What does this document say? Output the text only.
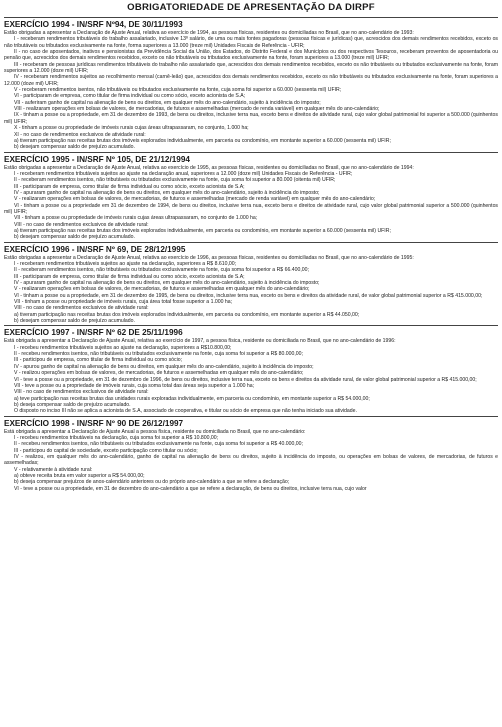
OBRIGATORIEDADE DE APRESENTAÇÃO DA DIRPF
EXERCÍCIO 1994 - IN/SRF Nº94, DE 30/11/1993

Estão obrigadas a apresentar a Declaração de Ajuste Anual, relativa ao exercício de 1994, as pessoas físicas, residentes ou domiciliadas no Brasil, que no ano-calendário de 1993:

I - receberam rendimentos tributáveis do trabalho assalariado, inclusive 13º salário, de uma ou mais fontes pagadoras (pessoas físicas e jurídicas) que, acrescidos dos demais rendimentos recebidos, exceto os não tributáveis ou tributados exclusivamente na fonte, forma superiores a 13.000 (treze mil) Unidades Fiscais de Referência - UFIR;

II - no caso de aposentados, inativos e pensionistas da Previdência Social da União, dos Estados, do Distrito Federal e dos Municípios ou dos respectivos Tesouros, receberam proventos de aposentadoria ou pensão que, acrescidos dos demais rendimentos recebidos, exceto os não tributáveis ou tributados exclusivamente na fonte, foram superiores a 13.000 (treze mil) UFIR;

III - receberam de pessoas jurídicas rendimentos tributáveis do trabalho não assalariado que, acrescidos dos demais rendimentos recebidos, exceto os não tributáveis ou tributados exclusivamente na fonte, foram superiores a 12.000 (doze mil) UFIR;

IV - receberam rendimentos sujeitos ao recolhimento mensal (carnê-leão) que, acrescidos dos demais rendimentos recebidos, exceto os não tributáveis ou tributados exclusivamente na fonte, foram superiores a 12.000 (doze mil) UFIR;

V - receberam rendimentos isentos, não tributáveis ou tributados exclusivamente na fonte, cuja soma foi superior a 60.000 (sessenta mil) UFIR;

VI - participaram de empresa, como titular de firma individual ou como sócio, exceto acionista de S.A;

VII - auferiram ganho de capital na alienação de bens ou direitos, em qualquer mês do ano-calendário, sujeito à incidência do imposto;

VIII - realizaram operações em bolsas de valores, de mercadorias, de futuros e assemelhadas (mercado de renda variável) em qualquer mês do ano-calendário;

IX - tinham a posse ou a propriedade, em 31 de dezembro de 1993, de bens ou direitos, inclusive terra nua, exceto bens e direitos de atividade rural, cujo valor global patrimonial foi superior a 500.000 (quinhentos mil) UFIR;

X - tinham a posse ou propriedade de imóveis rurais cujas áreas ultrapassaram, no conjunto, 1.000 ha;

XI - no caso de rendimentos exclusivos de atividade rural:

a) tiveram participação nas receitas brutas dos imóveis explorados individualmente, em parceria ou condomínio, em montante superior a 60.000 (sessenta mil) UFIR;

b) desejam compensar saldo de prejuízo acumulado.

EXERCÍCIO 1995 - IN/SRF Nº 105, DE 21/12/1994

Estão obrigadas a apresentar a Declaração de Ajuste Anual, relativa ao exercício de 1995, as pessoas físicas, residentes ou domiciliadas no Brasil, que no ano-calendário de 1994:

I - receberam rendimentos tributáveis sujeitos ao ajuste na declaração anual, superiores a 12.000 (doze mil) Unidades Fiscais de Referência - UFIR;

II - receberam rendimentos isentos, não tributáveis ou tributados exclusivamente na fonte, cuja soma foi superior a 80.000 (oitenta mil) UFIR;

III - participaram de empresa, como titular de firma individual ou como sócio, exceto acionista de S.A;

IV - apuraram ganho de capital na alienação de bens ou direitos, em qualquer mês do ano-calendário, sujeito à incidência do imposto;

V - realizaram operações em bolsas de valores, de mercadorias, de futuros e assemelhadas (mercado de renda variável) em qualquer mês do ano-calendário;

VI - tinham a posse ou a propriedade em 31 de dezembro de 1994, de bens ou direitos, inclusive terra nua, exceto bens e direitos de atividade rural, cujo valor global patrimonial superior a 500.000 (quinhentos mil) UFIR;

VII - tinham a posse ou propriedade de imóveis rurais cujas áreas ultrapassaram, no conjunto de 1.000 ha;

VIII - no caso de rendimentos exclusivos de atividade rural:

a) tiveram participação nas receitas brutas dos imóveis explorados individualmente, em parceria ou condomínio, em montante superior a 60.000 (sessenta mil) UFIR;

b) desejam compensar saldo de prejuízo acumulado.

EXERCÍCIO 1996 - IN/SRF Nº 69, DE 28/12/1995

Estão obrigadas a apresentar a Declaração de Ajuste Anual, relativa ao exercício de 1996, as pessoas físicas, residentes ou domiciliadas no Brasil, que no ano-calendário de 1995:

I - receberam rendimentos tributáveis sujeitos ao ajuste na declaração, superiores a R$ 8.610,00;

II - receberam rendimentos isentos, não tributáveis ou tributados exclusivamente na fonte, cuja soma foi superior a R$ 66.400,00;

III - participaram de empresa, como titular de firma individual ou como sócio, exceto acionista de S.A;

IV - apuraram ganho de capital na alienação de bens ou direitos, em qualquer mês do ano-calendário, sujeito à incidência do imposto;

V - realizaram operações em bolsas de valores, de mercadorias, de futuros e assemelhadas em qualquer mês do ano-calendário;

VI - tinham a posse ou a propriedade, em 31 de dezembro de 1995, de bens ou direitos, inclusive terra nua, exceto os bens e direitos da atividade rural, de valor global patrimonial superior a R$ 415.000,00;

VII - tinham a posse ou propriedade de imóveis rurais, cuja área total fosse superior a 1.000 ha;

VIII - no caso de rendimentos exclusivos de atividade rural:

a) tiveram participação nas receitas brutas dos imóveis explorados individualmente, em parceria ou condomínio, em montante superior a R$ 44.050,00;

b) desejam compensar saldo de prejuízo acumulado.

EXERCÍCIO 1997 - IN/SRF Nº 62 DE 25/11/1996

Está obrigada a apresentar a Declaração de Ajuste Anual, relativa ao exercício de 1997, a pessoa física, residente ou domiciliada no Brasil, que no ano-calendário de 1996:

I - recebeu rendimentos tributáveis sujeitos ao ajuste na declaração, superiores a R$10.800,00;

II - recebeu rendimentos isentos, não tributáveis ou tributados exclusivamente na fonte, cuja soma foi superior a R$ 80.000,00;

III - participou de empresa, como titular de firma individual ou como sócio;

IV - apurou ganho de capital na alienação de bens ou direitos, em qualquer mês do ano-calendário, sujeito à incidência do imposto;

V - realizou operações em bolsas de valores, de mercadorias, de futuros e assemelhadas em qualquer mês do ano-calendário;

VI - teve a posse ou a propriedade, em 31 de dezembro de 1996, de bens ou direitos, inclusive terra nua, exceto os bens e direitos da atividade rural, de valor global patrimonial superior a R$ 415.000,00;

VII - teve a posse ou a propriedade de imóveis rurais, cuja soma total das áreas seja superior a 1.000 ha;

VIII - no caso de rendimentos exclusivos de atividade rural:

a) teve participação nas receitas brutas das unidades rurais exploradas individualmente, em parceria ou condomínio, em montante superior a R$ 54.000,00;

b) deseja compensar saldo de prejuízo acumulado.

O disposto no inciso III não se aplica a acionista de S.A, associado de cooperativa, e titular ou sócio de empresa que não tenha iniciado sua atividade.

EXERCÍCIO 1998 - IN/SRF Nº 90 DE 26/12/1997

Está obrigada a apresentar a Declaração de Ajuste Anual a pessoa física, residente ou domiciliada no Brasil, que no ano-calendário:

I - recebeu rendimentos tributáveis na declaração, cuja soma foi superior a R$ 10.800,00;

II - recebeu rendimentos isentos, não tributáveis ou tributados exclusivamente na fonte, cuja soma foi superior a R$ 40.000,00;

III - participou do capital de sociedade, exceto participação como titular ou sócio;

IV - realizou, em qualquer mês do ano-calendário, ganho de capital na alienação de bens ou direitos, sujeito à incidência do imposto, ou operações em bolsas de valores, de mercadorias, de futuros e assemelhadas;

V - relativamente à atividade rural:

a) obteve receita bruta em valor superior a R$ 54.000,00;

b) deseja compensar prejuízos de anos-calendário anteriores ou do próprio ano-calendário a que se refere a declaração;

VI - teve a posse ou a propriedade, em 31 de dezembro do ano-calendário a que se refere a declaração, de bens ou direitos, inclusive terra nua, cujo valor
